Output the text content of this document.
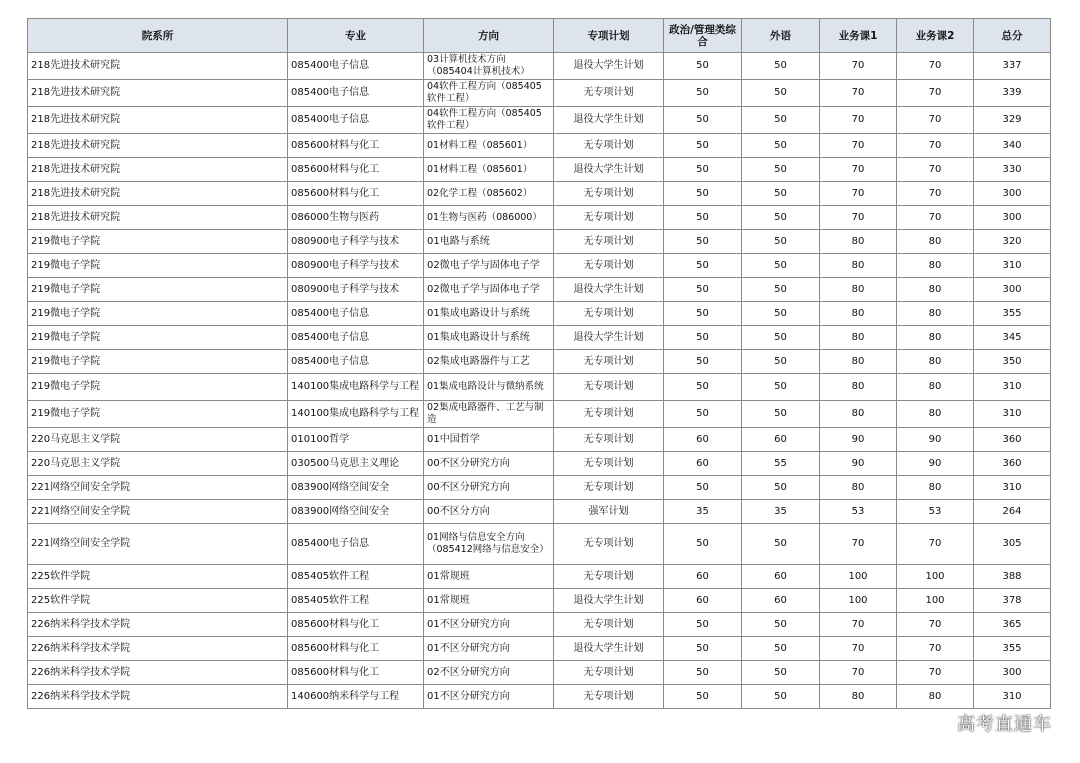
院系所	专业	方向	专项计划	政治/管理类综合	外语	业务课1	业务课2	总分
218先进技术研究院	085400电子信息	03计算机技术方向（085404计算机技术）	退役大学生计划	50	50	70	70	337
218先进技术研究院	085400电子信息	04软件工程方向（085405软件工程）	无专项计划	50	50	70	70	339
218先进技术研究院	085400电子信息	04软件工程方向（085405软件工程）	退役大学生计划	50	50	70	70	329
218先进技术研究院	085600材料与化工	01材料工程（085601）	无专项计划	50	50	70	70	340
218先进技术研究院	085600材料与化工	01材料工程（085601）	退役大学生计划	50	50	70	70	330
218先进技术研究院	085600材料与化工	02化学工程（085602）	无专项计划	50	50	70	70	300
218先进技术研究院	086000生物与医药	01生物与医药（086000）	无专项计划	50	50	70	70	300
219微电子学院	080900电子科学与技术	01电路与系统	无专项计划	50	50	80	80	320
219微电子学院	080900电子科学与技术	02微电子学与固体电子学	无专项计划	50	50	80	80	310
219微电子学院	080900电子科学与技术	02微电子学与固体电子学	退役大学生计划	50	50	80	80	300
219微电子学院	085400电子信息	01集成电路设计与系统	无专项计划	50	50	80	80	355
219微电子学院	085400电子信息	01集成电路设计与系统	退役大学生计划	50	50	80	80	345
219微电子学院	085400电子信息	02集成电路器件与工艺	无专项计划	50	50	80	80	350
219微电子学院	140100集成电路科学与工程	01集成电路设计与微纳系统	无专项计划	50	50	80	80	310
219微电子学院	140100集成电路科学与工程	02集成电路器件、工艺与制造	无专项计划	50	50	80	80	310
220马克思主义学院	010100哲学	01中国哲学	无专项计划	60	60	90	90	360
220马克思主义学院	030500马克思主义理论	00不区分研究方向	无专项计划	60	55	90	90	360
221网络空间安全学院	083900网络空间安全	00不区分研究方向	无专项计划	50	50	80	80	310
221网络空间安全学院	083900网络空间安全	00不区分方向	强军计划	35	35	53	53	264
221网络空间安全学院	085400电子信息	01网络与信息安全方向（085412网络与信息安全）	无专项计划	50	50	70	70	305
225软件学院	085405软件工程	01常规班	无专项计划	60	60	100	100	388
225软件学院	085405软件工程	01常规班	退役大学生计划	60	60	100	100	378
226纳米科学技术学院	085600材料与化工	01不区分研究方向	无专项计划	50	50	70	70	365
226纳米科学技术学院	085600材料与化工	01不区分研究方向	退役大学生计划	50	50	70	70	355
226纳米科学技术学院	085600材料与化工	02不区分研究方向	无专项计划	50	50	70	70	300
226纳米科学技术学院	140600纳米科学与工程	01不区分研究方向	无专项计划	50	50	80	80	310
高考直通车
